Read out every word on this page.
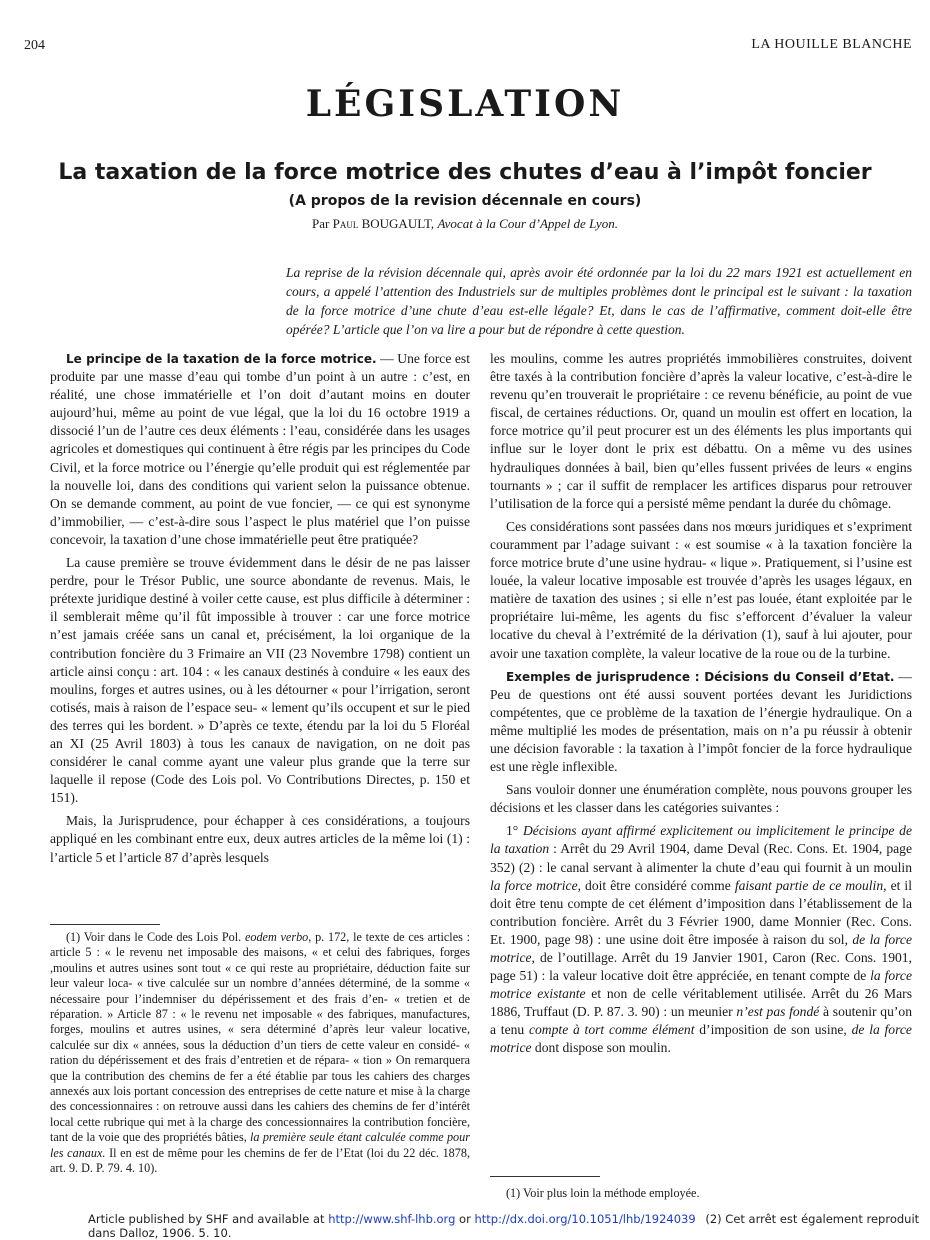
204	LA HOUILLE BLANCHE
LÉGISLATION
La taxation de la force motrice des chutes d’eau à l’impôt foncier
(A propos de la revision décennale en cours)
Par Paul BOUGAULT, Avocat à la Cour d’Appel de Lyon.
La reprise de la révision décennale qui, après avoir été ordonnée par la loi du 22 mars 1921 est actuellement en cours, a appelé l’attention des Industriels sur de multiples problèmes dont le principal est le suivant : la taxation de la force motrice d’une chute d’eau est-elle légale? Et, dans le cas de l’affirmative, comment doit-elle être opérée? L’article que l’on va lire a pour but de répondre à cette question.

Le principe de la taxation de la force motrice. — Une force est produite par une masse d’eau qui tombe d’un point à un autre : c’est, en réalité, une chose immatérielle et l’on doit d’autant moins en douter aujourd’hui, même au point de vue légal, que la loi du 16 octobre 1919 a dissocié l’un de l’autre ces deux éléments : l’eau, considérée dans les usages agricoles et domestiques qui continuent à être régis par les principes du Code Civil, et la force motrice ou l’énergie qu’elle produit qui est réglementée par la nouvelle loi, dans des conditions qui varient selon la puissance obtenue. On se demande comment, au point de vue foncier, — ce qui est synonyme d’immobilier, — c’est-à-dire sous l’aspect le plus matériel que l’on puisse concevoir, la taxation d’une chose immatérielle peut être pratiquée?

La cause première se trouve évidemment dans le désir de ne pas laisser perdre, pour le Trésor Public, une source abondante de revenus. Mais, le prétexte juridique destiné à voiler cette cause, est plus difficile à déterminer : il semblerait même qu’il fût impossible à trouver : car une force motrice n’est jamais créée sans un canal et, précisément, la loi organique de la contribution foncière du 3 Frimaire an VII (23 Novembre 1798) contient un article ainsi conçu : art. 104 : « les canaux destinés à conduire « les eaux des moulins, forges et autres usines, ou à les détourner « pour l’irrigation, seront cotisés, mais à raison de l’espace seu- « lement qu’ils occupent et sur le pied des terres qui les bordent. » D’après ce texte, étendu par la loi du 5 Floréal an XI (25 Avril 1803) à tous les canaux de navigation, on ne doit pas considérer le canal comme ayant une valeur plus grande que la terre sur laquelle il repose (Code des Lois pol. Vo Contributions Directes, p. 150 et 151).

Mais, la Jurisprudence, pour échapper à ces considérations, a toujours appliqué en les combinant entre eux, deux autres articles de la même loi (1) : l’article 5 et l’article 87 d’après lesquels

(1) Voir dans le Code des Lois Pol. eodem verbo, p. 172, le texte de ces articles : article 5 : « le revenu net imposable des maisons, « et celui des fabriques, forges ,moulins et autres usines sont tout « ce qui reste au propriétaire, déduction faite sur leur valeur loca- « tive calculée sur un nombre d’années déterminé, de la somme « nécessaire pour l’indemniser du dépérissement et des frais d’en- « tretien et de réparation. » Article 87 : « le revenu net imposable « des fabriques, manufactures, forges, moulins et autres usines, « sera déterminé d’après leur valeur locative, calculée sur dix « années, sous la déduction d’un tiers de cette valeur en considé- « ration du dépérissement et des frais d’entretien et de répara- « tion » On remarquera que la contribution des chemins de fer a été établie par tous les cahiers des charges annexés aux lois portant concession des entreprises de cette nature et mise à la charge des concessionnaires : on retrouve aussi dans les cahiers des chemins de fer d’intérêt local cette rubrique qui met à la charge des concessionnaires la contribution foncière, tant de la voie que des propriétés bâties, la première seule étant calculée comme pour les canaux. Il en est de même pour les chemins de fer de l’Etat (loi du 22 déc. 1878, art. 9. D. P. 79. 4. 10).

les moulins, comme les autres propriétés immobilières construites, doivent être taxés à la contribution foncière d’après la valeur locative, c’est-à-dire le revenu qu’en trouverait le propriétaire : ce revenu bénéficie, au point de vue fiscal, de certaines réductions. Or, quand un moulin est offert en location, la force motrice qu’il peut procurer est un des éléments les plus importants qui influe sur le loyer dont le prix est débattu. On a même vu des usines hydrauliques données à bail, bien qu’elles fussent privées de leurs « engins tournants » ; car il suffit de remplacer les artifices disparus pour retrouver l’utilisation de la force qui a persisté même pendant la durée du chômage.

Ces considérations sont passées dans nos mœurs juridiques et s’expriment couramment par l’adage suivant : « est soumise « à la taxation foncière la force motrice brute d’une usine hydrau- « lique ». Pratiquement, si l’usine est louée, la valeur locative imposable est trouvée d’après les usages légaux, en matière de taxation des usines ; si elle n’est pas louée, étant exploitée par le propriétaire lui-même, les agents du fisc s’efforcent d’évaluer la valeur locative du cheval à l’extrémité de la dérivation (1), sauf à lui ajouter, pour avoir une taxation complète, la valeur locative de la roue ou de la turbine.

Exemples de jurisprudence : Décisions du Conseil d’Etat. — Peu de questions ont été aussi souvent portées devant les Juridictions compétentes, que ce problème de la taxation de l’énergie hydraulique. On a même multiplié les modes de présentation, mais on n’a pu réussir à obtenir une décision favorable : la taxation à l’impôt foncier de la force hydraulique est une règle inflexible.

Sans vouloir donner une énumération complète, nous pouvons grouper les décisions et les classer dans les catégories suivantes :

1° Décisions ayant affirmé explicitement ou implicitement le principe de la taxation : Arrêt du 29 Avril 1904, dame Deval (Rec. Cons. Et. 1904, page 352) (2) : le canal servant à alimenter la chute d’eau qui fournit à un moulin la force motrice, doit être considéré comme faisant partie de ce moulin, et il doit être tenu compte de cet élément d’imposition dans l’établissement de la contribution foncière. Arrêt du 3 Février 1900, dame Monnier (Rec. Cons. Et. 1900, page 98) : une usine doit être imposée à raison du sol, de la force motrice, de l’outillage. Arrêt du 19 Janvier 1901, Caron (Rec. Cons. 1901, page 51) : la valeur locative doit être appréciée, en tenant compte de la force motrice existante et non de celle véritablement utilisée. Arrêt du 26 Mars 1886, Truffaut (D. P. 87. 3. 90) : un meunier n’est pas fondé à soutenir qu’on a tenu compte à tort comme élément d’imposition de son usine, de la force motrice dont dispose son moulin.

(1) Voir plus loin la méthode employée.

Article published by SHF and available at http://www.shf-lhb.org or http://dx.doi.org/10.1051/lhb/1924039 (2) Cet arrêt est également reproduit dans Dalloz, 1906. 5. 10.
